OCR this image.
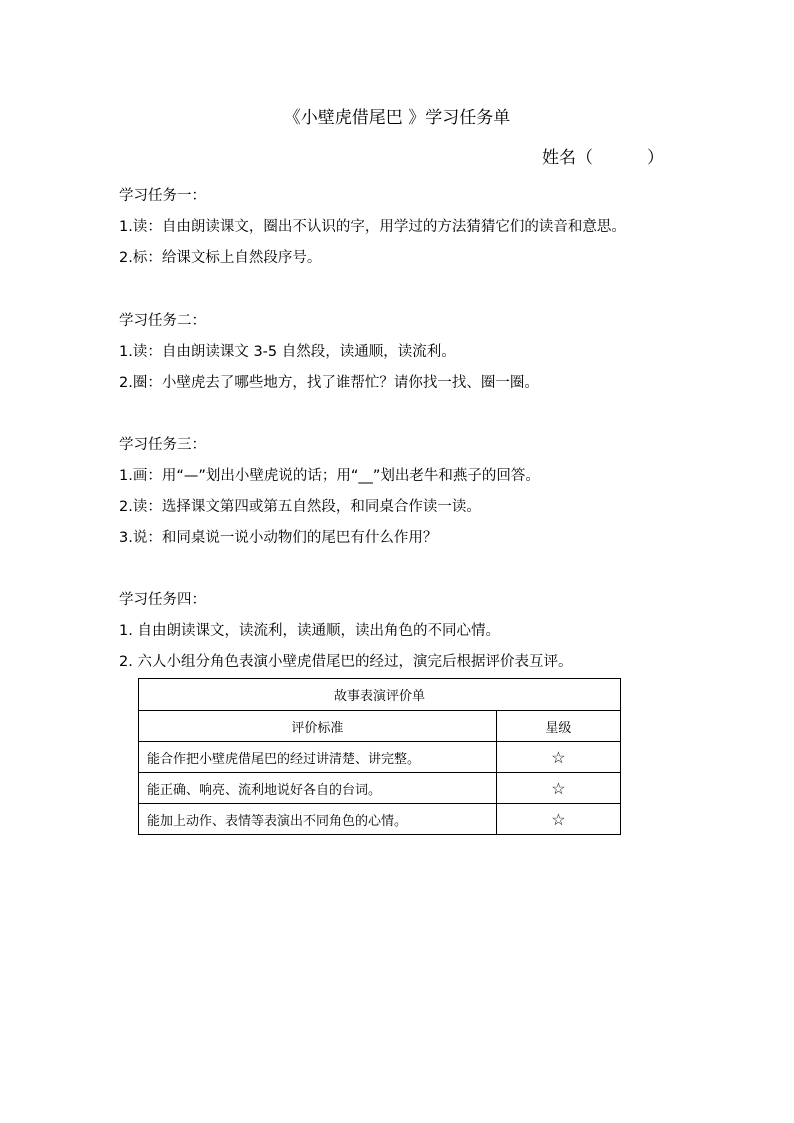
《小壁虎借尾巴 》学习任务单
姓名（          ）
学习任务一：
1.读：自由朗读课文，圈出不认识的字，用学过的方法猜猜它们的读音和意思。
2.标：给课文标上自然段序号。
学习任务二：
1.读：自由朗读课文 3-5 自然段，读通顺，读流利。
2.圈：小壁虎去了哪些地方，找了谁帮忙？请你找一找、圈一圈。
学习任务三：
1.画：用“—”划出小壁虎说的话；用“__”划出老牛和燕子的回答。
2.读：选择课文第四或第五自然段，和同桌合作读一读。
3.说：和同桌说一说小动物们的尾巴有什么作用？
学习任务四：
1. 自由朗读课文，读流利，读通顺，读出角色的不同心情。
2. 六人小组分角色表演小壁虎借尾巴的经过，演完后根据评价表互评。
故事表演评价单	
评价标准	星级
能合作把小壁虎借尾巴的经过讲清楚、讲完整。	☆
能正确、响亮、流利地说好各自的台词。	☆
能加上动作、表情等表演出不同角色的心情。	☆
